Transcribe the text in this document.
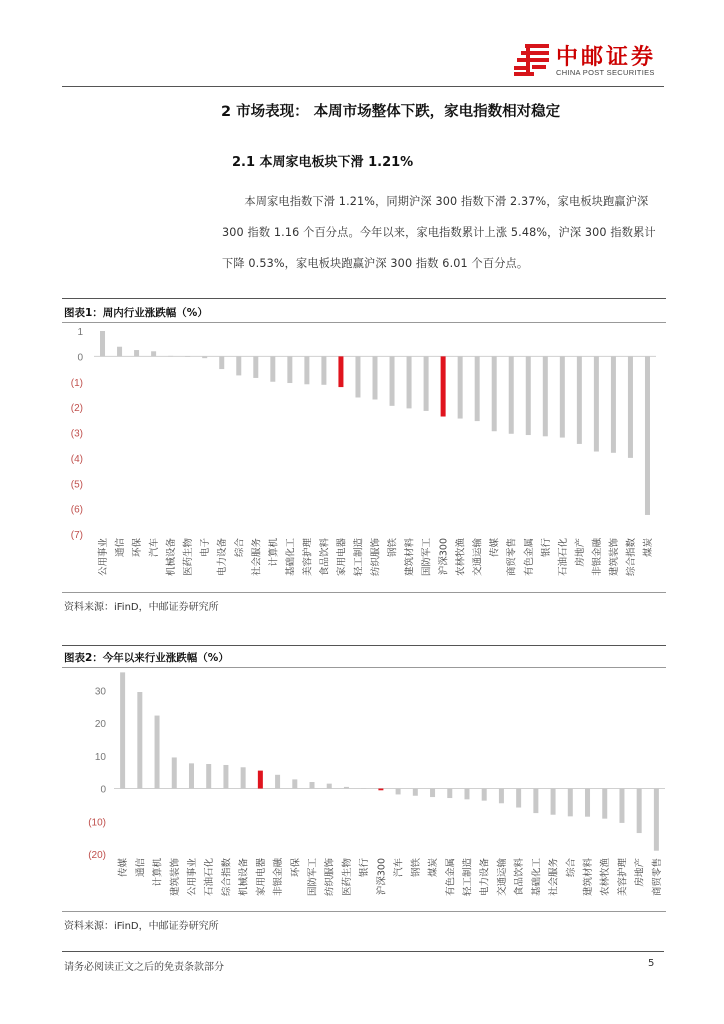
中邮证券
CHINA POST SECURITIES
2 市场表现： 本周市场整体下跌，家电指数相对稳定
2.1 本周家电板块下滑 1.21%
本周家电指数下滑 1.21%，同期沪深 300 指数下滑 2.37%，家电板块跑赢沪深 300 指数 1.16 个百分点。今年以来，家电指数累计上涨 5.48%，沪深 300 指数累计下降 0.53%，家电板块跑赢沪深 300 指数 6.01 个百分点。
图表1：周内行业涨跌幅（%）
1
0
(1)
(2)
(3)
(4)
(5)
(6)
(7)
公用事业 通信 环保 汽车 机械设备 医药生物 电子 电力设备 综合 社会服务 计算机 基础化工 美容护理 食品饮料 家用电器 轻工制造 纺织服饰 钢铁 建筑材料 国防军工 沪深300 农林牧渔 交通运输 传媒 商贸零售 有色金属 银行 石油石化 房地产 非银金融 建筑装饰 综合指数 煤炭
资料来源：iFinD，中邮证券研究所
图表2：今年以来行业涨跌幅（%）
30
20
10
0
(10)
(20)
传媒 通信 计算机 建筑装饰 公用事业 石油石化 综合指数 机械设备 家用电器 非银金融 环保 国防军工 纺织服饰 医药生物 银行 沪深300 汽车 钢铁 煤炭 有色金属 轻工制造 电力设备 交通运输 食品饮料 基础化工 社会服务 综合 建筑材料 农林牧渔 美容护理 房地产 商贸零售
资料来源：iFinD，中邮证券研究所
请务必阅读正文之后的免责条款部分	5
